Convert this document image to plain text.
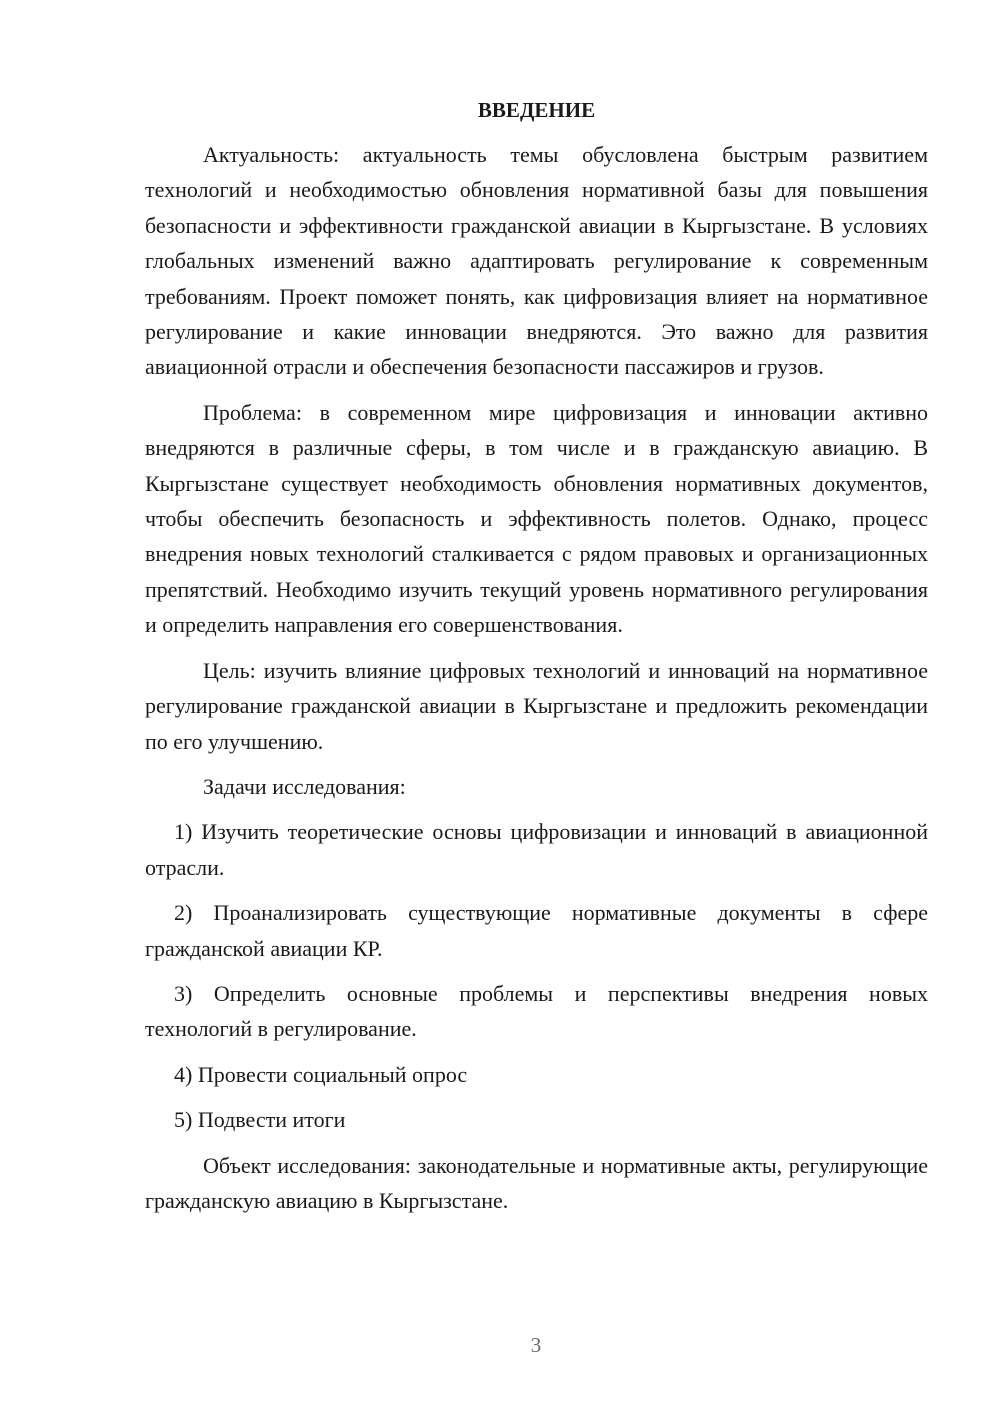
ВВЕДЕНИЕ

Актуальность: актуальность темы обусловлена быстрым развитием технологий и необходимостью обновления нормативной базы для повышения безопасности и эффективности гражданской авиации в Кыргызстане. В условиях глобальных изменений важно адаптировать регулирование к современным требованиям. Проект поможет понять, как цифровизация влияет на нормативное регулирование и какие инновации внедряются. Это важно для развития авиационной отрасли и обеспечения безопасности пассажиров и грузов.

Проблема: в современном мире цифровизация и инновации активно внедряются в различные сферы, в том числе и в гражданскую авиацию. В Кыргызстане существует необходимость обновления нормативных документов, чтобы обеспечить безопасность и эффективность полетов. Однако, процесс внедрения новых технологий сталкивается с рядом правовых и организационных препятствий. Необходимо изучить текущий уровень нормативного регулирования и определить направления его совершенствования.

Цель: изучить влияние цифровых технологий и инноваций на нормативное регулирование гражданской авиации в Кыргызстане и предложить рекомендации по его улучшению.

Задачи исследования:

1) Изучить теоретические основы цифровизации и инноваций в авиационной отрасли.

2) Проанализировать существующие нормативные документы в сфере гражданской авиации КР.

3) Определить основные проблемы и перспективы внедрения новых технологий в регулирование.

4) Провести социальный опрос

5) Подвести итоги

Объект исследования: законодательные и нормативные акты, регулирующие гражданскую авиацию в Кыргызстане.

3
